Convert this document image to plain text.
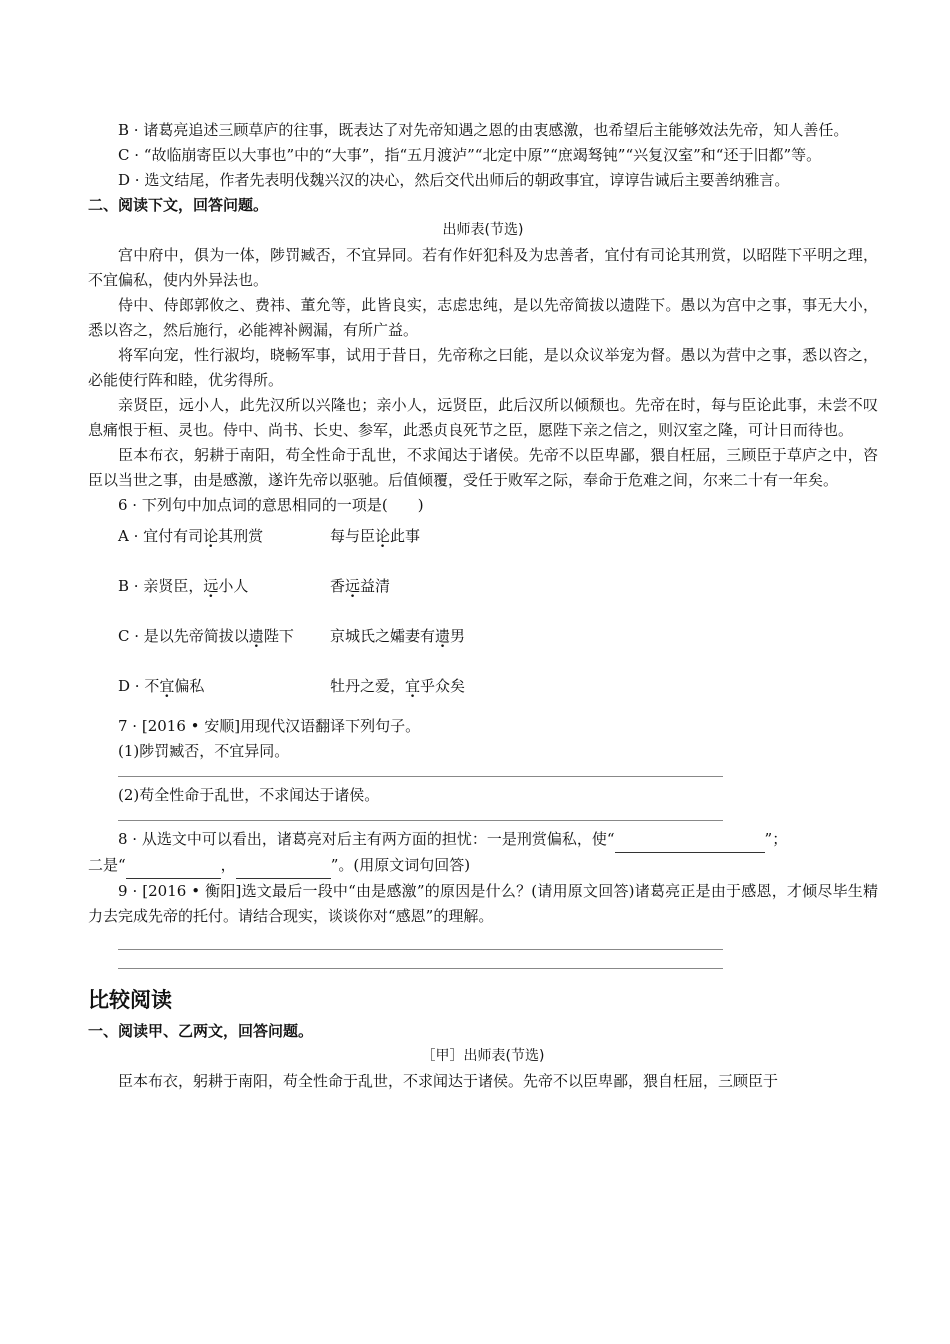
B · 诸葛亮追述三顾草庐的往事，既表达了对先帝知遇之恩的由衷感激，也希望后主能够效法先帝，知人善任。

C · “故临崩寄臣以大事也”中的“大事”，指“五月渡泸”“北定中原”“庶竭驽钝”“兴复汉室”和“还于旧都”等。

D · 选文结尾，作者先表明伐魏兴汉的决心，然后交代出师后的朝政事宜，谆谆告诫后主要善纳雅言。

二、阅读下文，回答问题。

出师表(节选)

宫中府中，俱为一体，陟罚臧否，不宜异同。若有作奸犯科及为忠善者，宜付有司论其刑赏，以昭陛下平明之理，不宜偏私，使内外异法也。

侍中、侍郎郭攸之、费祎、董允等，此皆良实，志虑忠纯，是以先帝简拔以遗陛下。愚以为宫中之事，事无大小，悉以咨之，然后施行，必能裨补阙漏，有所广益。

将军向宠，性行淑均，晓畅军事，试用于昔日，先帝称之曰能，是以众议举宠为督。愚以为营中之事，悉以咨之，必能使行阵和睦，优劣得所。

亲贤臣，远小人，此先汉所以兴隆也；亲小人，远贤臣，此后汉所以倾颓也。先帝在时，每与臣论此事，未尝不叹息痛恨于桓、灵也。侍中、尚书、长史、参军，此悉贞良死节之臣，愿陛下亲之信之，则汉室之隆，可计日而待也。

臣本布衣，躬耕于南阳，苟全性命于乱世，不求闻达于诸侯。先帝不以臣卑鄙，猥自枉屈，三顾臣于草庐之中，咨臣以当世之事，由是感激，遂许先帝以驱驰。后值倾覆，受任于败军之际，奉命于危难之间，尔来二十有一年矣。

6 · 下列句中加点词的意思相同的一项是(　　)

A · 宜付有司论其刑赏	每与臣论此事
B · 亲贤臣，远小人	香远益清
C · 是以先帝简拔以遗陛下	京城氏之孀妻有遗男
D · 不宜偏私	牡丹之爱，宜乎众矣

7 · [2016 • 安顺]用现代汉语翻译下列句子。

(1)陟罚臧否，不宜异同。

(2)苟全性命于乱世，不求闻达于诸侯。

8 · 从选文中可以看出，诸葛亮对后主有两方面的担忧：一是刑赏偏私，使“	”；

二是“	，	”。(用原文词句回答)

9 · [2016 • 衡阳]选文最后一段中“由是感激”的原因是什么？(请用原文回答)诸葛亮正是由于感恩，才倾尽毕生精力去完成先帝的托付。请结合现实，谈谈你对“感恩”的理解。

比较阅读

一、阅读甲、乙两文，回答问题。

［甲］出师表(节选)

臣本布衣，躬耕于南阳，苟全性命于乱世，不求闻达于诸侯。先帝不以臣卑鄙，猥自枉屈，三顾臣于
